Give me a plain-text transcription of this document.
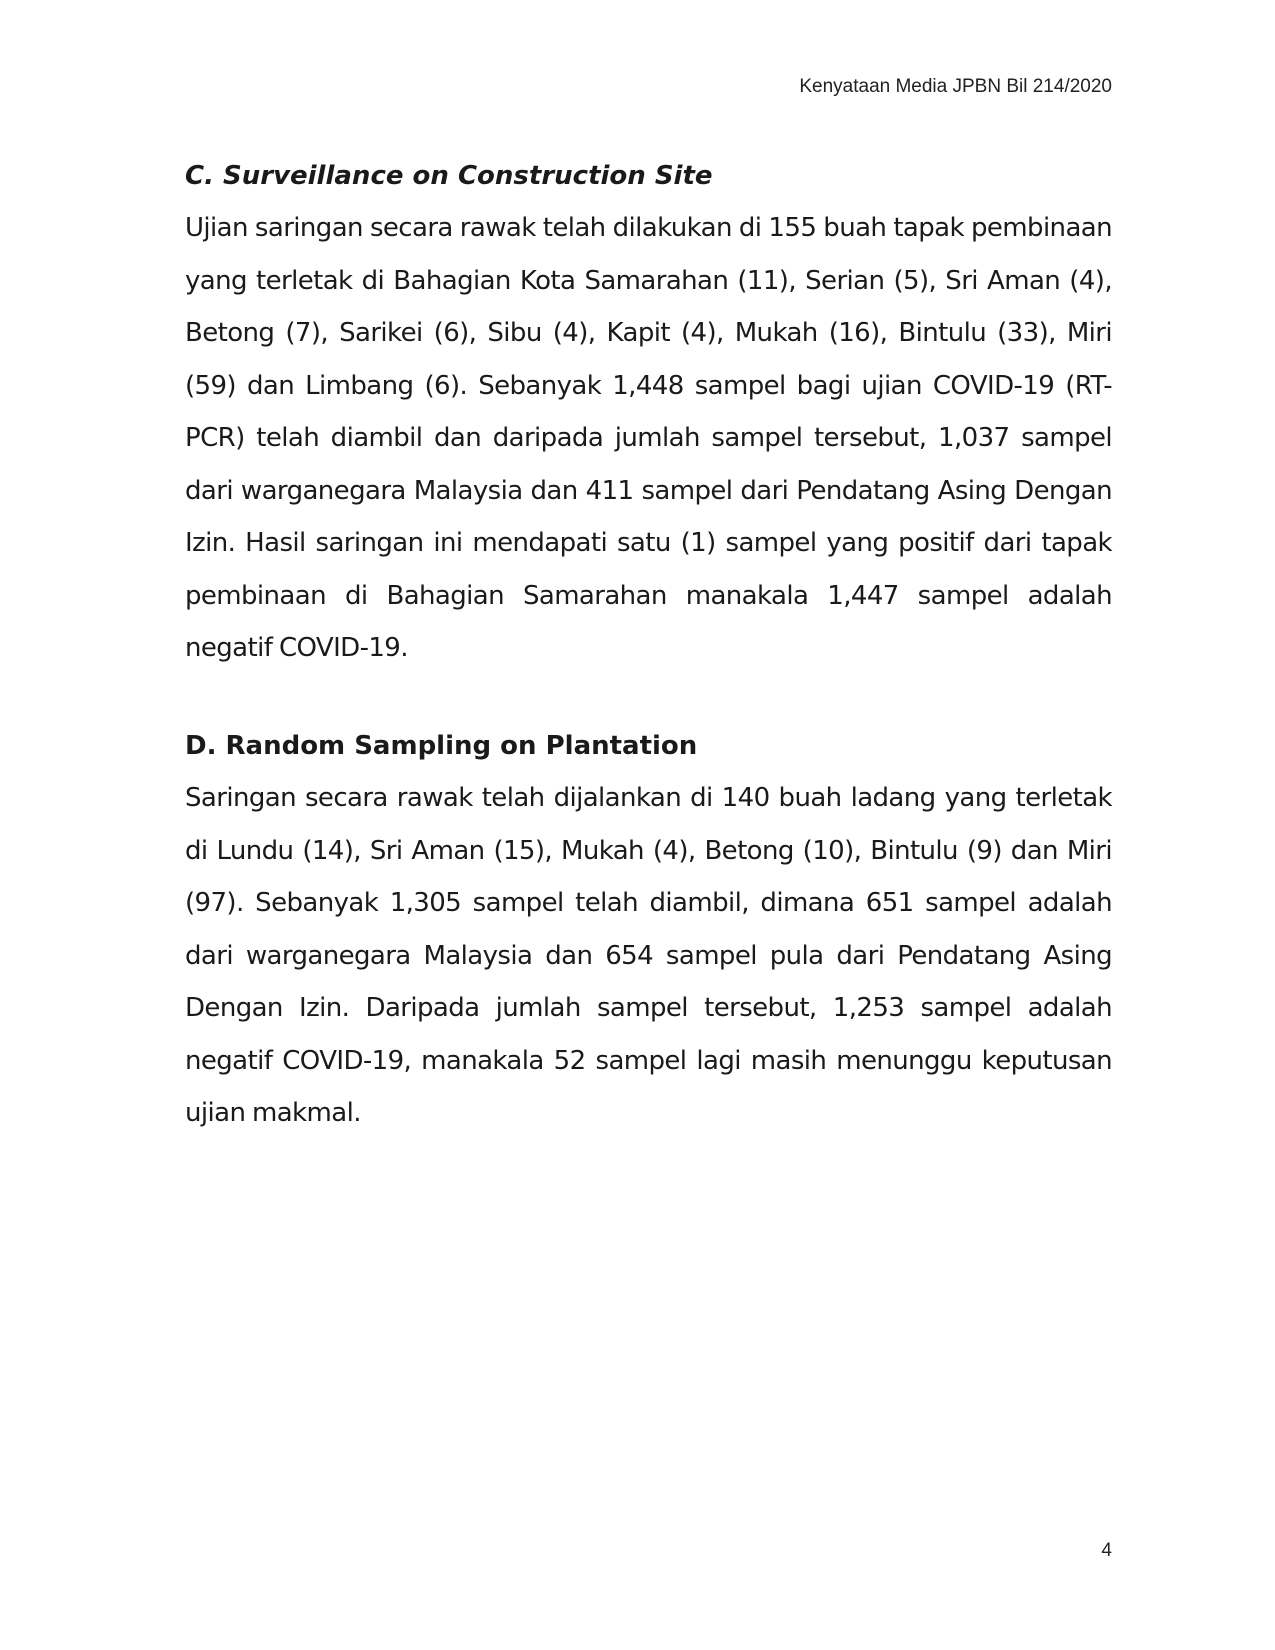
Kenyataan Media JPBN Bil 214/2020
C. Surveillance on Construction Site

Ujian saringan secara rawak telah dilakukan di 155 buah tapak pembinaan yang terletak di Bahagian Kota Samarahan (11), Serian (5), Sri Aman (4), Betong (7), Sarikei (6), Sibu (4), Kapit (4), Mukah (16), Bintulu (33), Miri (59) dan Limbang (6). Sebanyak 1,448 sampel bagi ujian COVID-19 (RT-PCR) telah diambil dan daripada jumlah sampel tersebut, 1,037 sampel dari warganegara Malaysia dan 411 sampel dari Pendatang Asing Dengan Izin. Hasil saringan ini mendapati satu (1) sampel yang positif dari tapak pembinaan di Bahagian Samarahan manakala 1,447 sampel adalah negatif COVID-19.

D. Random Sampling on Plantation

Saringan secara rawak telah dijalankan di 140 buah ladang yang terletak di Lundu (14), Sri Aman (15), Mukah (4), Betong (10), Bintulu (9) dan Miri (97). Sebanyak 1,305 sampel telah diambil, dimana 651 sampel adalah dari warganegara Malaysia dan 654 sampel pula dari Pendatang Asing Dengan Izin. Daripada jumlah sampel tersebut, 1,253 sampel adalah negatif COVID-19, manakala 52 sampel lagi masih menunggu keputusan ujian makmal.

4
